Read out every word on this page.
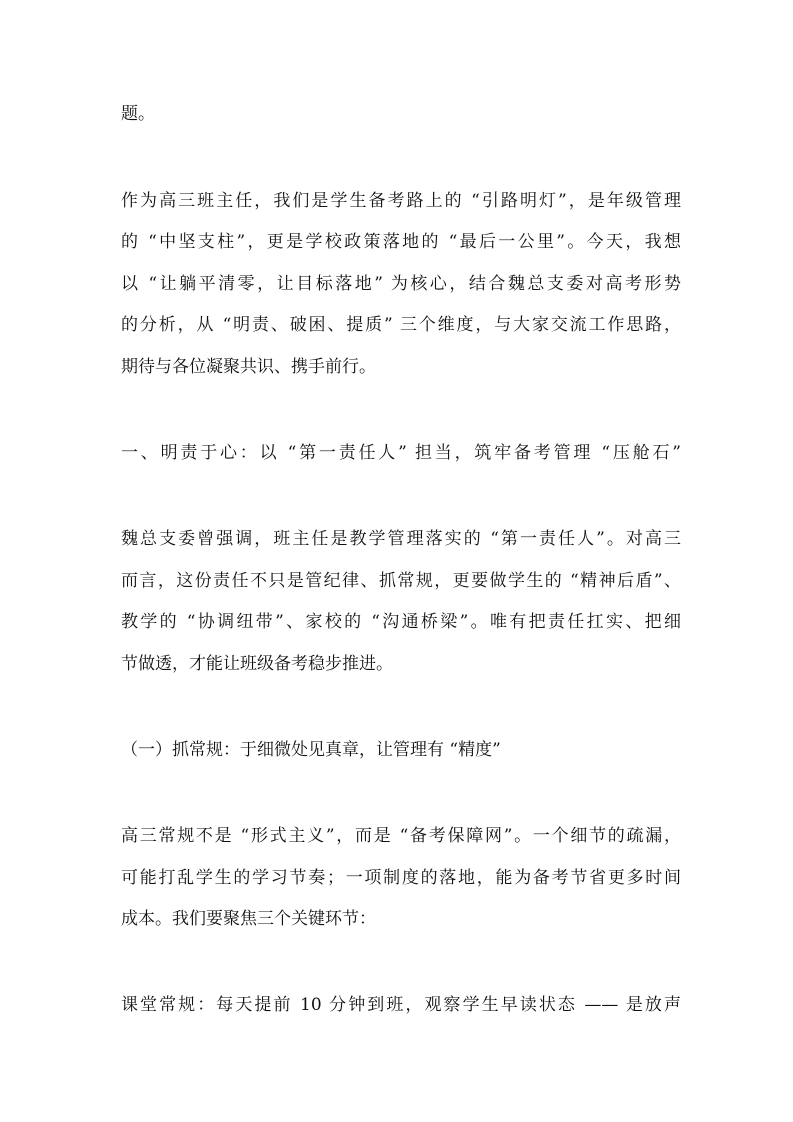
题。
作为高三班主任，我们是学生备考路上的 “引路明灯”，是年级管理
的 “中坚支柱”，更是学校政策落地的 “最后一公里”。今天，我想
以 “让躺平清零，让目标落地” 为核心，结合魏总支委对高考形势
的分析，从 “明责、破困、提质” 三个维度，与大家交流工作思路，
期待与各位凝聚共识、携手前行。
一、明责于心：以 “第一责任人” 担当，筑牢备考管理 “压舱石”
魏总支委曾强调，班主任是教学管理落实的 “第一责任人”。对高三
而言，这份责任不只是管纪律、抓常规，更要做学生的 “精神后盾”、
教学的 “协调纽带”、家校的 “沟通桥梁”。唯有把责任扛实、把细
节做透，才能让班级备考稳步推进。
（一）抓常规：于细微处见真章，让管理有 “精度”
高三常规不是 “形式主义”，而是 “备考保障网”。一个细节的疏漏，
可能打乱学生的学习节奏；一项制度的落地，能为备考节省更多时间
成本。我们要聚焦三个关键环节：
课堂常规：每天提前 10 分钟到班，观察学生早读状态 —— 是放声
